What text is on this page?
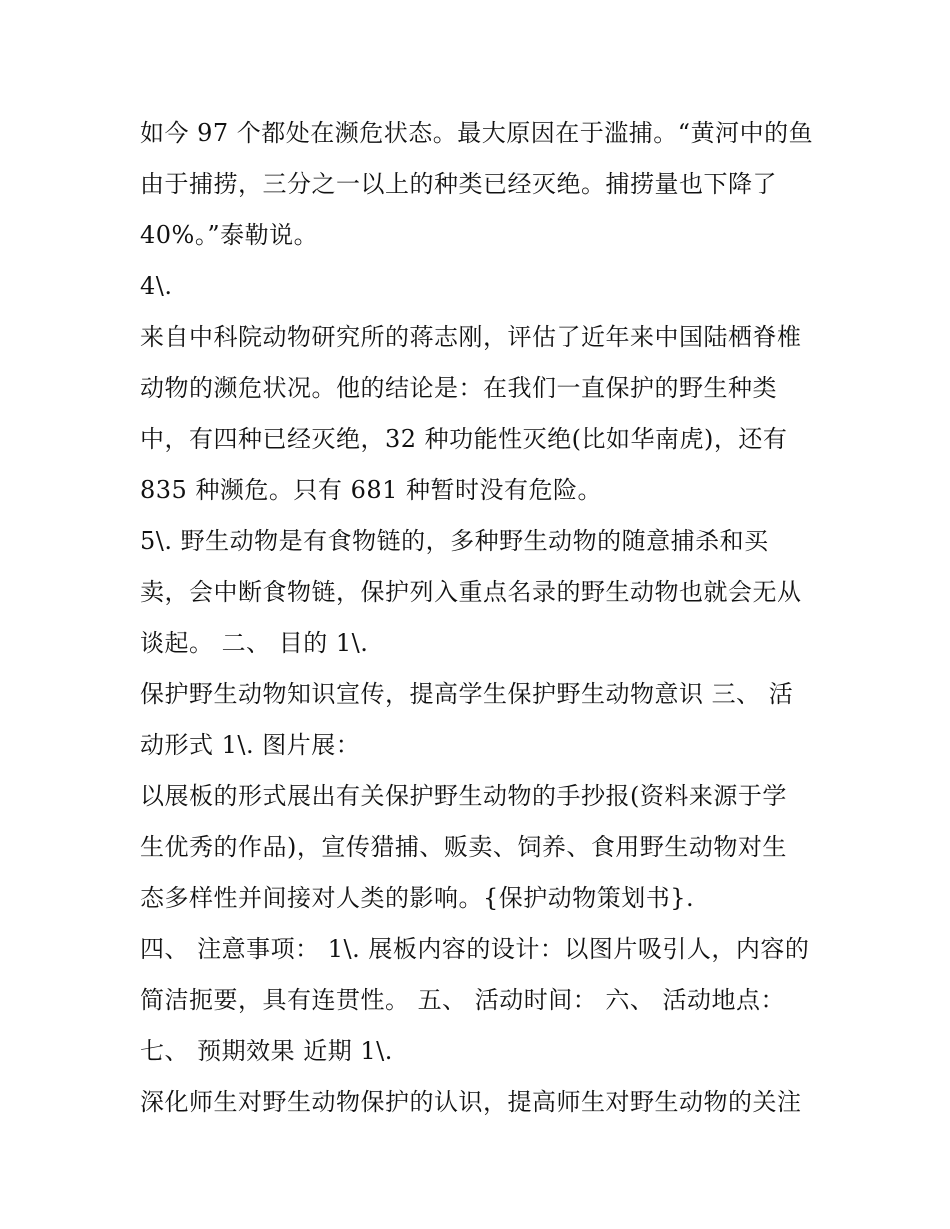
如今 97 个都处在濒危状态。最大原因在于滥捕。“黄河中的鱼
由于捕捞，三分之一以上的种类已经灭绝。捕捞量也下降了
40%。”泰勒说。
4\.
来自中科院动物研究所的蒋志刚，评估了近年来中国陆栖脊椎
动物的濒危状况。他的结论是：在我们一直保护的野生种类
中，有四种已经灭绝，32 种功能性灭绝(比如华南虎)，还有
835 种濒危。只有 681 种暂时没有危险。
5\. 野生动物是有食物链的，多种野生动物的随意捕杀和买
卖，会中断食物链，保护列入重点名录的野生动物也就会无从
谈起。 二、 目的 1\.
保护野生动物知识宣传，提高学生保护野生动物意识 三、 活
动形式 1\. 图片展：
以展板的形式展出有关保护野生动物的手抄报(资料来源于学
生优秀的作品)，宣传猎捕、贩卖、饲养、食用野生动物对生
态多样性并间接对人类的影响。{保护动物策划书}.
四、 注意事项： 1\. 展板内容的设计：以图片吸引人，内容的
简洁扼要，具有连贯性。 五、 活动时间： 六、 活动地点：
七、 预期效果 近期 1\.
深化师生对野生动物保护的认识，提高师生对野生动物的关注
